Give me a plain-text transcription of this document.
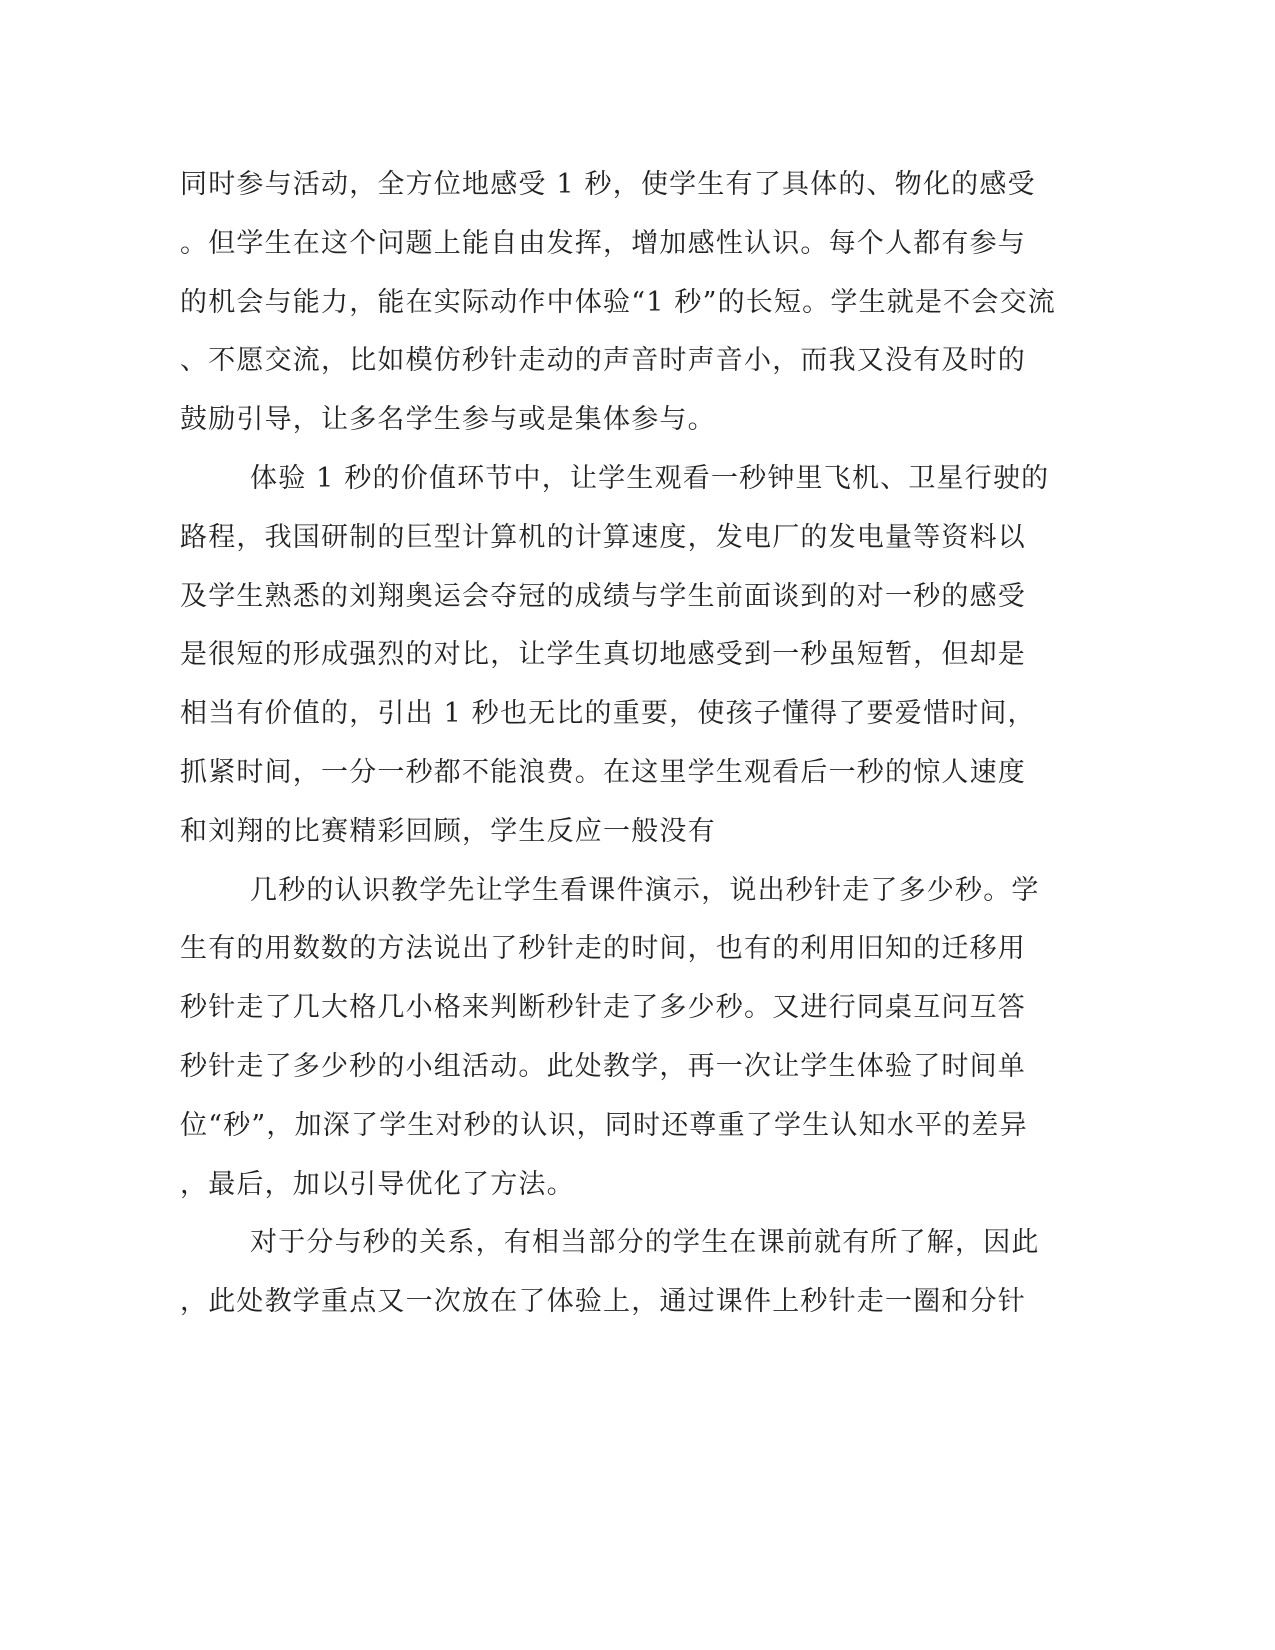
同时参与活动，全方位地感受 1 秒，使学生有了具体的、物化的感受
。但学生在这个问题上能自由发挥，增加感性认识。每个人都有参与
的机会与能力，能在实际动作中体验“1 秒”的长短。学生就是不会交流
、不愿交流，比如模仿秒针走动的声音时声音小，而我又没有及时的
鼓励引导，让多名学生参与或是集体参与。
体验 1 秒的价值环节中，让学生观看一秒钟里飞机、卫星行驶的
路程，我国研制的巨型计算机的计算速度，发电厂的发电量等资料以
及学生熟悉的刘翔奥运会夺冠的成绩与学生前面谈到的对一秒的感受
是很短的形成强烈的对比，让学生真切地感受到一秒虽短暂，但却是
相当有价值的，引出 1 秒也无比的重要，使孩子懂得了要爱惜时间，
抓紧时间，一分一秒都不能浪费。在这里学生观看后一秒的惊人速度
和刘翔的比赛精彩回顾，学生反应一般没有
几秒的认识教学先让学生看课件演示，说出秒针走了多少秒。学
生有的用数数的方法说出了秒针走的时间，也有的利用旧知的迁移用
秒针走了几大格几小格来判断秒针走了多少秒。又进行同桌互问互答
秒针走了多少秒的小组活动。此处教学，再一次让学生体验了时间单
位“秒”，加深了学生对秒的认识，同时还尊重了学生认知水平的差异
，最后，加以引导优化了方法。
对于分与秒的关系，有相当部分的学生在课前就有所了解，因此
，此处教学重点又一次放在了体验上，通过课件上秒针走一圈和分针
